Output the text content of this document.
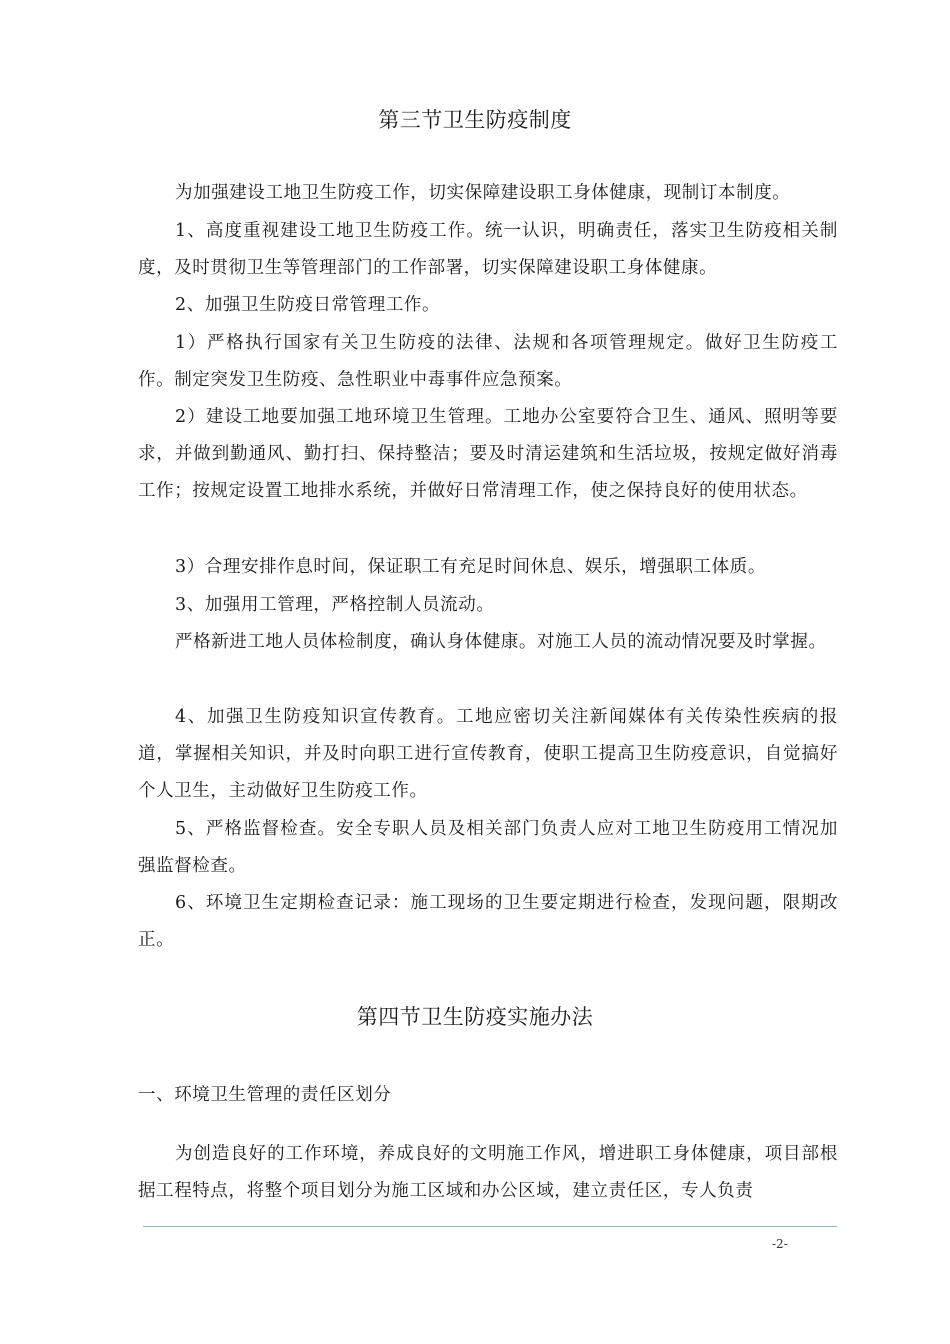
第三节卫生防疫制度

为加强建设工地卫生防疫工作，切实保障建设职工身体健康，现制订本制度。

1、高度重视建设工地卫生防疫工作。统一认识，明确责任，落实卫生防疫相关制度，及时贯彻卫生等管理部门的工作部署，切实保障建设职工身体健康。

2、加强卫生防疫日常管理工作。

1）严格执行国家有关卫生防疫的法律、法规和各项管理规定。做好卫生防疫工作。制定突发卫生防疫、急性职业中毒事件应急预案。

2）建设工地要加强工地环境卫生管理。工地办公室要符合卫生、通风、照明等要求，并做到勤通风、勤打扫、保持整洁；要及时清运建筑和生活垃圾，按规定做好消毒工作；按规定设置工地排水系统，并做好日常清理工作，使之保持良好的使用状态。

3）合理安排作息时间，保证职工有充足时间休息、娱乐，增强职工体质。

3、加强用工管理，严格控制人员流动。

严格新进工地人员体检制度，确认身体健康。对施工人员的流动情况要及时掌握。

4、加强卫生防疫知识宣传教育。工地应密切关注新闻媒体有关传染性疾病的报道，掌握相关知识，并及时向职工进行宣传教育，使职工提高卫生防疫意识，自觉搞好个人卫生，主动做好卫生防疫工作。

5、严格监督检查。安全专职人员及相关部门负责人应对工地卫生防疫用工情况加强监督检查。

6、环境卫生定期检查记录：施工现场的卫生要定期进行检查，发现问题，限期改正。

第四节卫生防疫实施办法

一、环境卫生管理的责任区划分

为创造良好的工作环境，养成良好的文明施工作风，增进职工身体健康，项目部根据工程特点，将整个项目划分为施工区域和办公区域，建立责任区，专人负责

-2-
